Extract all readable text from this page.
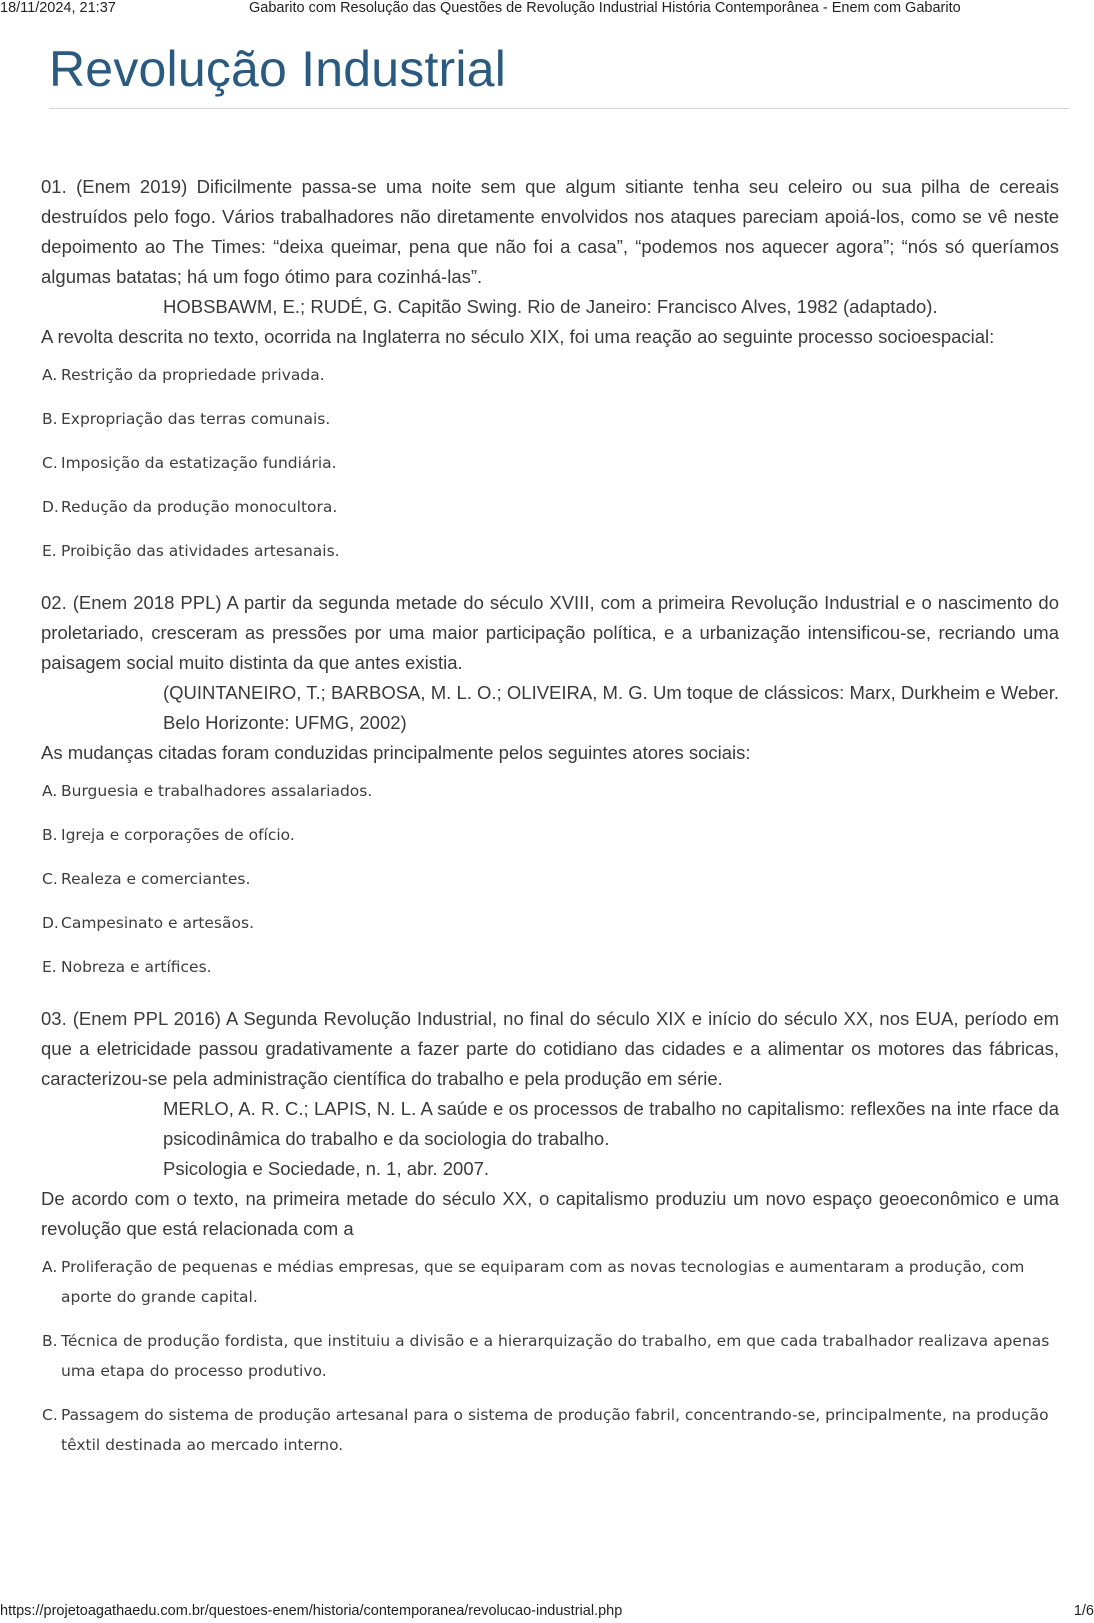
18/11/2024, 21:37	Gabarito com Resolução das Questões de Revolução Industrial História Contemporânea - Enem com Gabarito
Revolução Industrial

01. (Enem 2019) Dificilmente passa-se uma noite sem que algum sitiante tenha seu celeiro ou sua pilha de cereais destruídos pelo fogo. Vários trabalhadores não diretamente envolvidos nos ataques pareciam apoiá-los, como se vê neste depoimento ao The Times: “deixa queimar, pena que não foi a casa”, “podemos nos aquecer agora”; “nós só queríamos algumas batatas; há um fogo ótimo para cozinhá-las”.

HOBSBAWM, E.; RUDÉ, G. Capitão Swing. Rio de Janeiro: Francisco Alves, 1982 (adaptado).

A revolta descrita no texto, ocorrida na Inglaterra no século XIX, foi uma reação ao seguinte processo socioespacial:

A. Restrição da propriedade privada.
B. Expropriação das terras comunais.
C. Imposição da estatização fundiária.
D. Redução da produção monocultora.
E. Proibição das atividades artesanais.

02. (Enem 2018 PPL) A partir da segunda metade do século XVIII, com a primeira Revolução Industrial e o nascimento do proletariado, cresceram as pressões por uma maior participação política, e a urbanização intensificou-se, recriando uma paisagem social muito distinta da que antes existia.

(QUINTANEIRO, T.; BARBOSA, M. L. O.; OLIVEIRA, M. G. Um toque de clássicos: Marx, Durkheim e Weber. Belo Horizonte: UFMG, 2002)

As mudanças citadas foram conduzidas principalmente pelos seguintes atores sociais:

A. Burguesia e trabalhadores assalariados.
B. Igreja e corporações de ofício.
C. Realeza e comerciantes.
D. Campesinato e artesãos.
E. Nobreza e artífices.

03. (Enem PPL 2016) A Segunda Revolução Industrial, no final do século XIX e início do século XX, nos EUA, período em que a eletricidade passou gradativamente a fazer parte do cotidiano das cidades e a alimentar os motores das fábricas, caracterizou-se pela administração científica do trabalho e pela produção em série.

MERLO, A. R. C.; LAPIS, N. L. A saúde e os processos de trabalho no capitalismo: reflexões na inte rface da psicodinâmica do trabalho e da sociologia do trabalho.

Psicologia e Sociedade, n. 1, abr. 2007.

De acordo com o texto, na primeira metade do século XX, o capitalismo produziu um novo espaço geoeconômico e uma revolução que está relacionada com a

A. Proliferação de pequenas e médias empresas, que se equiparam com as novas tecnologias e aumentaram a produção, com aporte do grande capital.
B. Técnica de produção fordista, que instituiu a divisão e a hierarquização do trabalho, em que cada trabalhador realizava apenas uma etapa do processo produtivo.
C. Passagem do sistema de produção artesanal para o sistema de produção fabril, concentrando-se, principalmente, na produção têxtil destinada ao mercado interno.
https://projetoagathaedu.com.br/questoes-enem/historia/contemporanea/revolucao-industrial.php	1/6
